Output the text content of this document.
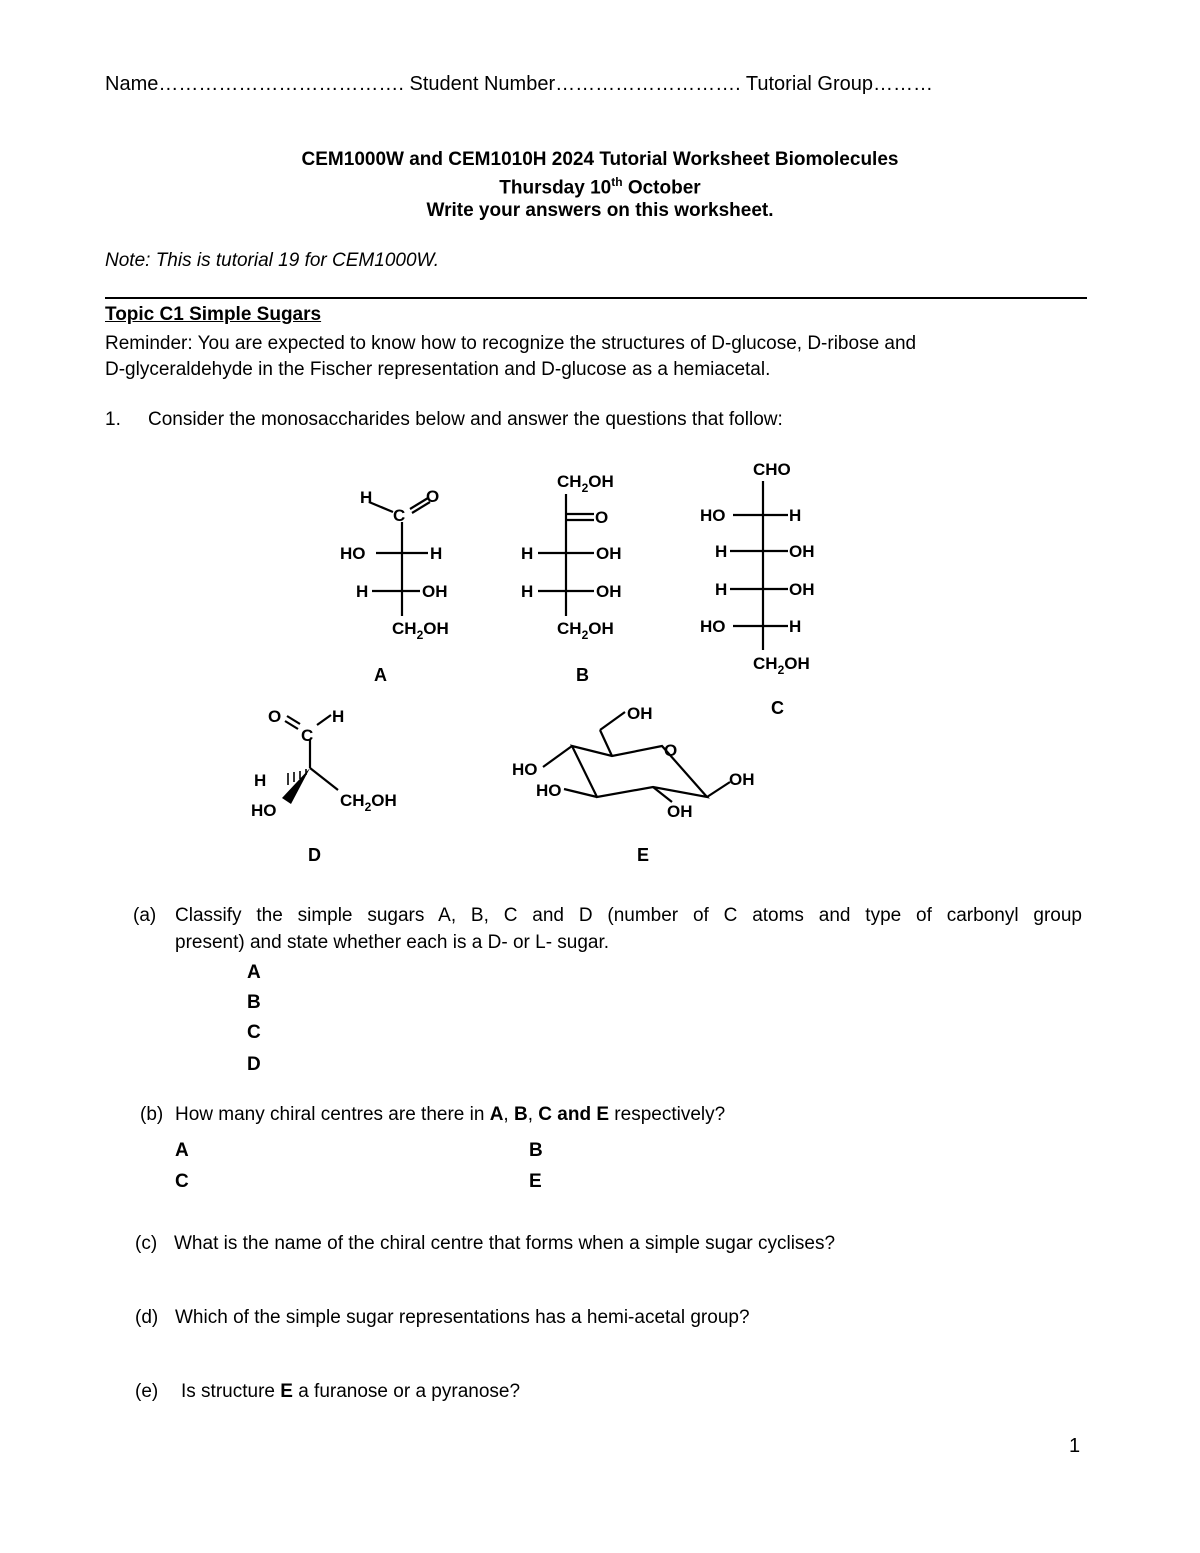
Name………………………………. Student Number………………………. Tutorial Group………
CEM1000W and CEM1010H 2024 Tutorial Worksheet Biomolecules
Thursday 10th October
Write your answers on this worksheet.
Note: This is tutorial 19 for CEM1000W.
Topic C1 Simple Sugars
Reminder: You are expected to know how to recognize the structures of D-glucose, D-ribose and
D-glyceraldehyde in the Fischer representation and D-glucose as a hemiacetal.
1. Consider the monosaccharides below and answer the questions that follow:
H
C
O
HO	H
H	OH
$CH_2OH$
A
$CH_2OH$
O
H	OH
H	OH
$CH_2OH$
B
CHO
HO	H
H	OH
H	OH
HO	H
$CH_2OH$
C
O
C
H
H
HO
$CH_2OH$
D
OH
O
HO
HO
OH
OH
E
(a) Classify the simple sugars A, B, C and D (number of C atoms and type of carbonyl group
present) and state whether each is a D- or L- sugar.
A
B
C
D
(b) How many chiral centres are there in A, B, C and E respectively?
A	B
C	E
(c) What is the name of the chiral centre that forms when a simple sugar cyclises?
(d) Which of the simple sugar representations has a hemi-acetal group?
(e) Is structure E a furanose or a pyranose?
1
